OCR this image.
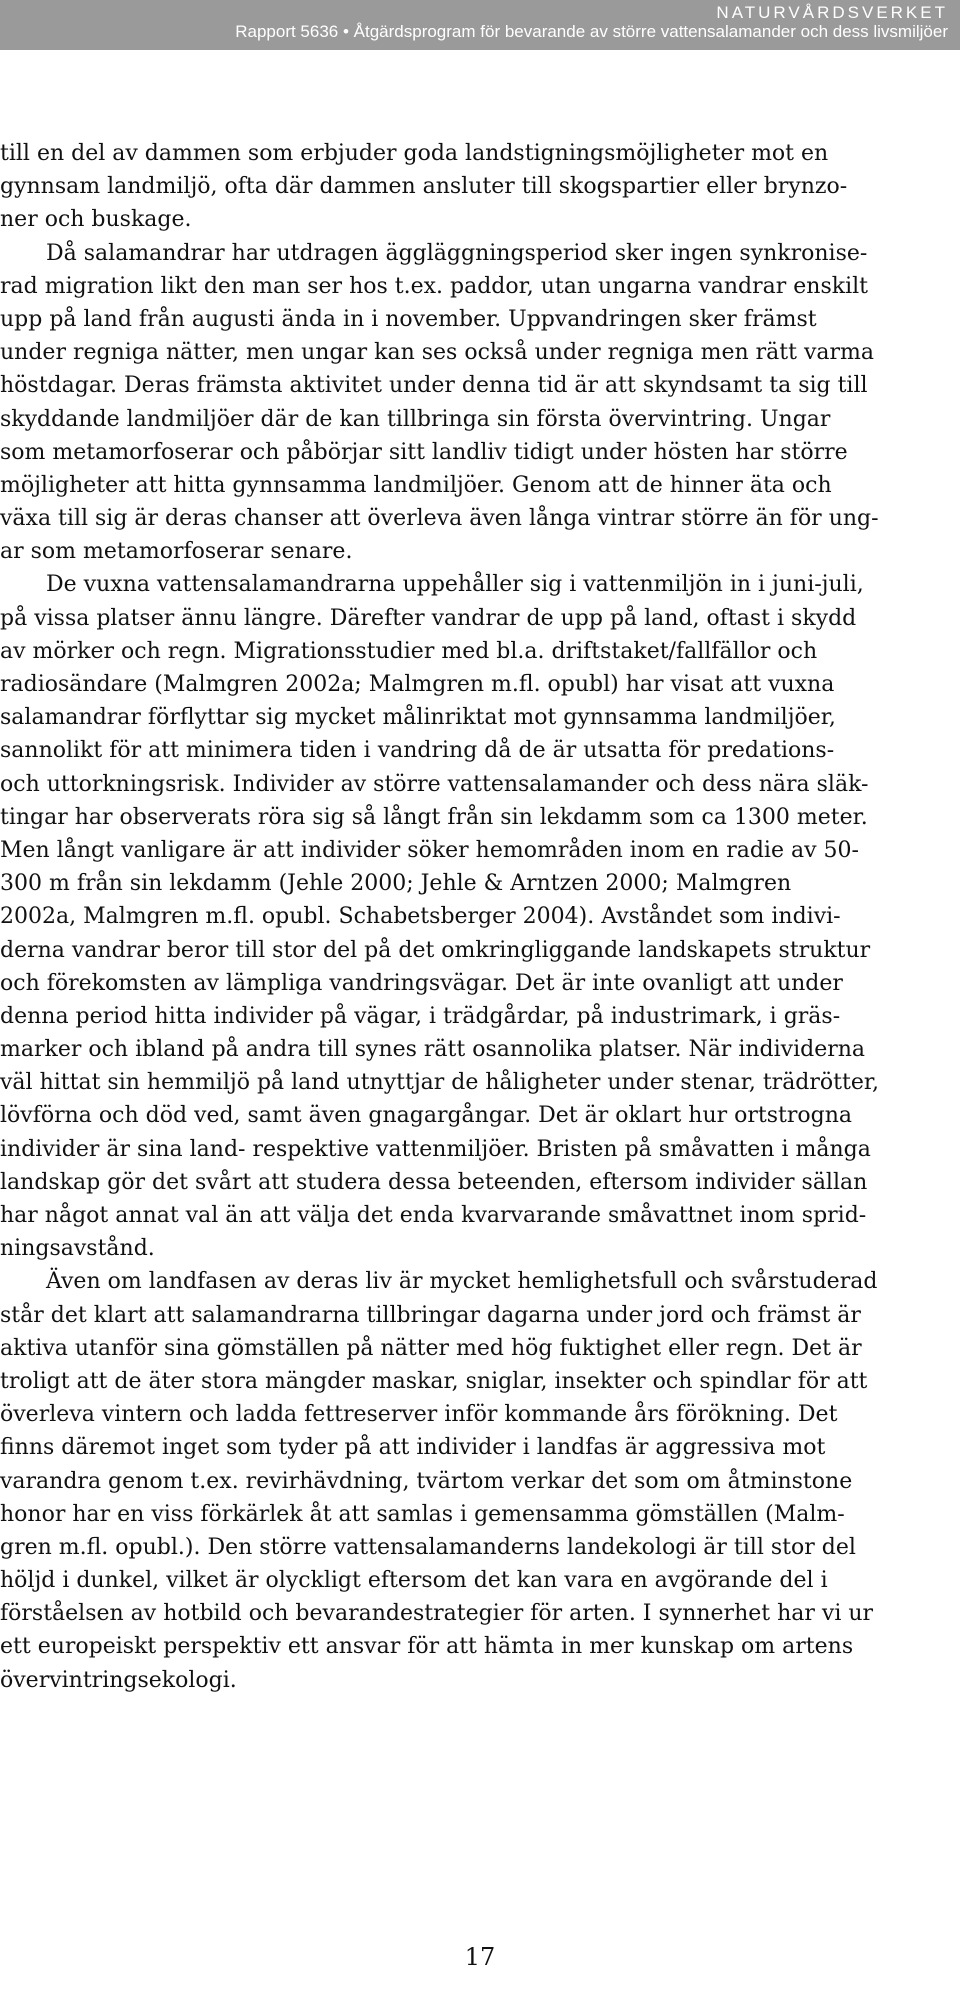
NATURVÅRDSVERKET
Rapport 5636 • Åtgärdsprogram för bevarande av större vattensalamander och dess livsmiljöer
till en del av dammen som erbjuder goda landstigningsmöjligheter mot en
gynnsam landmiljö, ofta där dammen ansluter till skogspartier eller brynzo-
ner och buskage.
Då salamandrar har utdragen äggläggningsperiod sker ingen synkronise-
rad migration likt den man ser hos t.ex. paddor, utan ungarna vandrar enskilt
upp på land från augusti ända in i november. Uppvandringen sker främst
under regniga nätter, men ungar kan ses också under regniga men rätt varma
höstdagar. Deras främsta aktivitet under denna tid är att skyndsamt ta sig till
skyddande landmiljöer där de kan tillbringa sin första övervintring. Ungar
som metamorfoserar och påbörjar sitt landliv tidigt under hösten har större
möjligheter att hitta gynnsamma landmiljöer. Genom att de hinner äta och
växa till sig är deras chanser att överleva även långa vintrar större än för ung-
ar som metamorfoserar senare.
De vuxna vattensalamandrarna uppehåller sig i vattenmiljön in i juni-juli,
på vissa platser ännu längre. Därefter vandrar de upp på land, oftast i skydd
av mörker och regn. Migrationsstudier med bl.a. driftstaket/fallfällor och
radiosändare (Malmgren 2002a; Malmgren m.fl. opubl) har visat att vuxna
salamandrar förflyttar sig mycket målinriktat mot gynnsamma landmiljöer,
sannolikt för att minimera tiden i vandring då de är utsatta för predations-
och uttorkningsrisk. Individer av större vattensalamander och dess nära släk-
tingar har observerats röra sig så långt från sin lekdamm som ca 1300 meter.
Men långt vanligare är att individer söker hemområden inom en radie av 50-
300 m från sin lekdamm (Jehle 2000; Jehle & Arntzen 2000; Malmgren
2002a, Malmgren m.fl. opubl. Schabetsberger 2004). Avståndet som indivi-
derna vandrar beror till stor del på det omkringliggande landskapets struktur
och förekomsten av lämpliga vandringsvägar. Det är inte ovanligt att under
denna period hitta individer på vägar, i trädgårdar, på industrimark, i gräs-
marker och ibland på andra till synes rätt osannolika platser. När individerna
väl hittat sin hemmiljö på land utnyttjar de håligheter under stenar, trädrötter,
lövförna och död ved, samt även gnagargångar. Det är oklart hur ortstrogna
individer är sina land- respektive vattenmiljöer. Bristen på småvatten i många
landskap gör det svårt att studera dessa beteenden, eftersom individer sällan
har något annat val än att välja det enda kvarvarande småvattnet inom sprid-
ningsavstånd.
Även om landfasen av deras liv är mycket hemlighetsfull och svårstuderad
står det klart att salamandrarna tillbringar dagarna under jord och främst är
aktiva utanför sina gömställen på nätter med hög fuktighet eller regn. Det är
troligt att de äter stora mängder maskar, sniglar, insekter och spindlar för att
överleva vintern och ladda fettreserver inför kommande års förökning. Det
finns däremot inget som tyder på att individer i landfas är aggressiva mot
varandra genom t.ex. revirhävdning, tvärtom verkar det som om åtminstone
honor har en viss förkärlek åt att samlas i gemensamma gömställen (Malm-
gren m.fl. opubl.). Den större vattensalamanderns landekologi är till stor del
höljd i dunkel, vilket är olyckligt eftersom det kan vara en avgörande del i
förståelsen av hotbild och bevarandestrategier för arten. I synnerhet har vi ur
ett europeiskt perspektiv ett ansvar för att hämta in mer kunskap om artens
övervintringsekologi.
17
